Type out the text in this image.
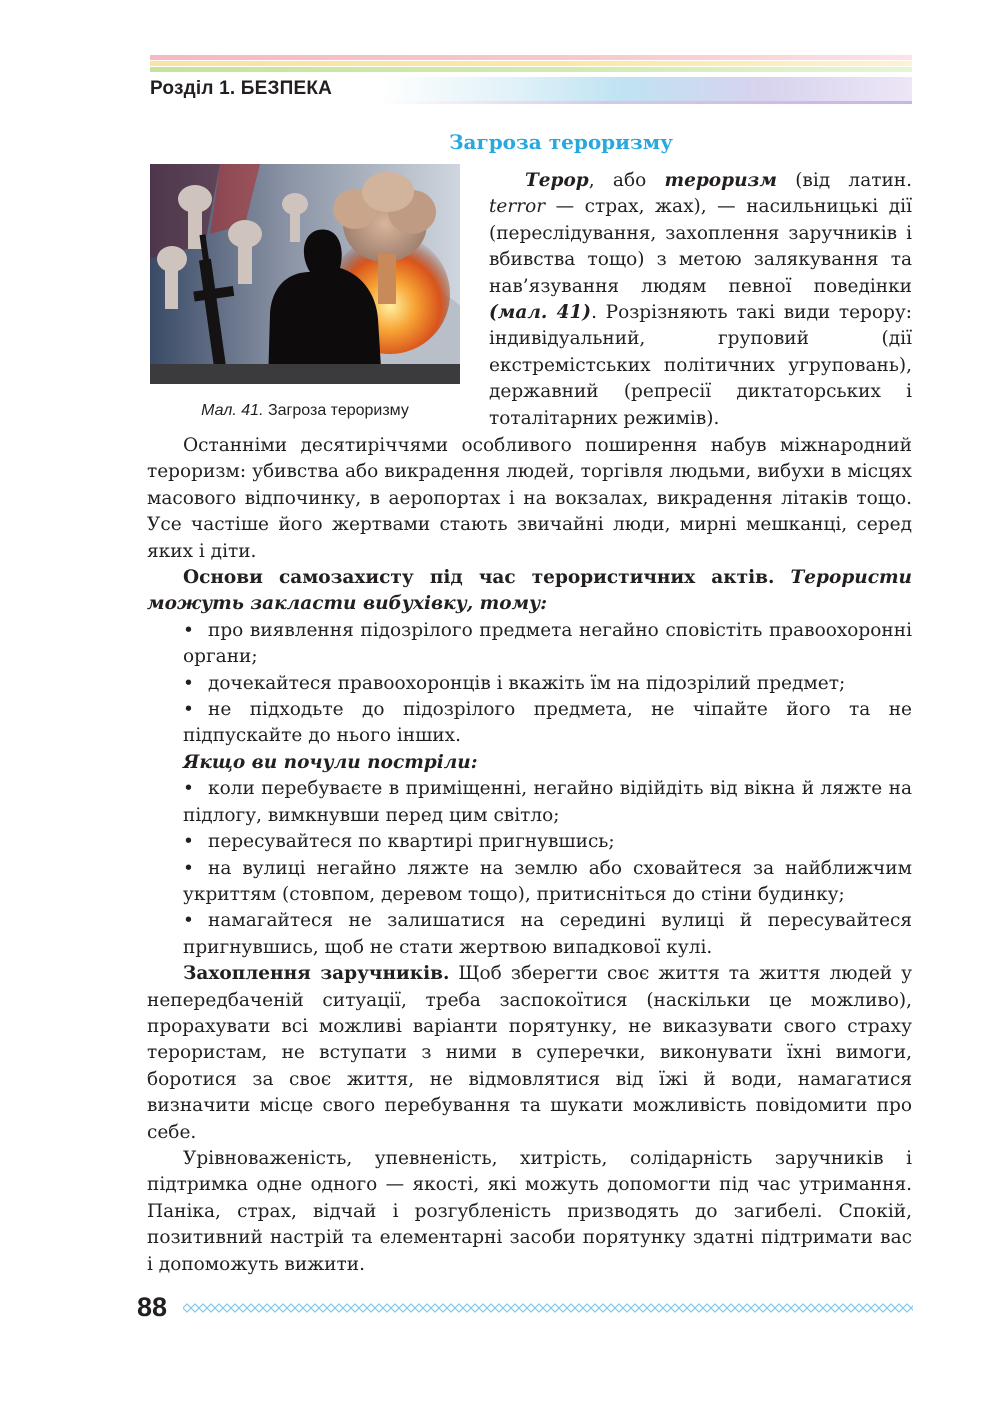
Розділ 1. БЕЗПЕКА
Загроза тероризму
Мал. 41. Загроза тероризму

Терор, або тероризм (від латин. terror — страх, жах), — насильницькі дії (переслідування, захоплення заручників і вбивства тощо) з метою залякування та нав’язування людям певної поведінки (мал. 41). Розрізняють такі види терору: індивідуальний, груповий (дії екстремістських політичних угруповань), державний (репресії диктаторських і тоталітарних режимів).

Останніми десятиріччями особливого поширення набув міжнародний тероризм: убивства або викрадення людей, торгівля людьми, вибухи в місцях масового відпочинку, в аеропортах і на вокзалах, викрадення літаків тощо. Усе частіше його жертвами стають звичайні люди, мирні мешканці, серед яких і діти.

Основи самозахисту під час терористичних актів. Терористи можуть закласти вибухівку, тому:

• про виявлення підозрілого предмета негайно сповістіть правоохоронні органи;

• дочекайтеся правоохоронців і вкажіть їм на підозрілий предмет;

• не підходьте до підозрілого предмета, не чіпайте його та не підпускайте до нього інших.

Якщо ви почули постріли:

• коли перебуваєте в приміщенні, негайно відійдіть від вікна й ляжте на підлогу, вимкнувши перед цим світло;

• пересувайтеся по квартирі пригнувшись;

• на вулиці негайно ляжте на землю або сховайтеся за найближчим укриттям (стовпом, деревом тощо), притисніться до стіни будинку;

• намагайтеся не залишатися на середині вулиці й пересувайтеся пригнувшись, щоб не стати жертвою випадкової кулі.

Захоплення заручників. Щоб зберегти своє життя та життя людей у непередбаченій ситуації, треба заспокоїтися (наскільки це можливо), прорахувати всі можливі варіанти порятунку, не виказувати свого страху терористам, не вступати з ними в суперечки, виконувати їхні вимоги, боротися за своє життя, не відмовлятися від їжі й води, намагатися визначити місце свого перебування та шукати можливість повідомити про себе.

Урівноваженість, упевненість, хитрість, солідарність заручників і підтримка одне одного — якості, які можуть допомогти під час утримання. Паніка, страх, відчай і розгубленість призводять до загибелі. Спокій, позитивний настрій та елементарні засоби порятунку здатні підтримати вас і допоможуть вижити.

88
